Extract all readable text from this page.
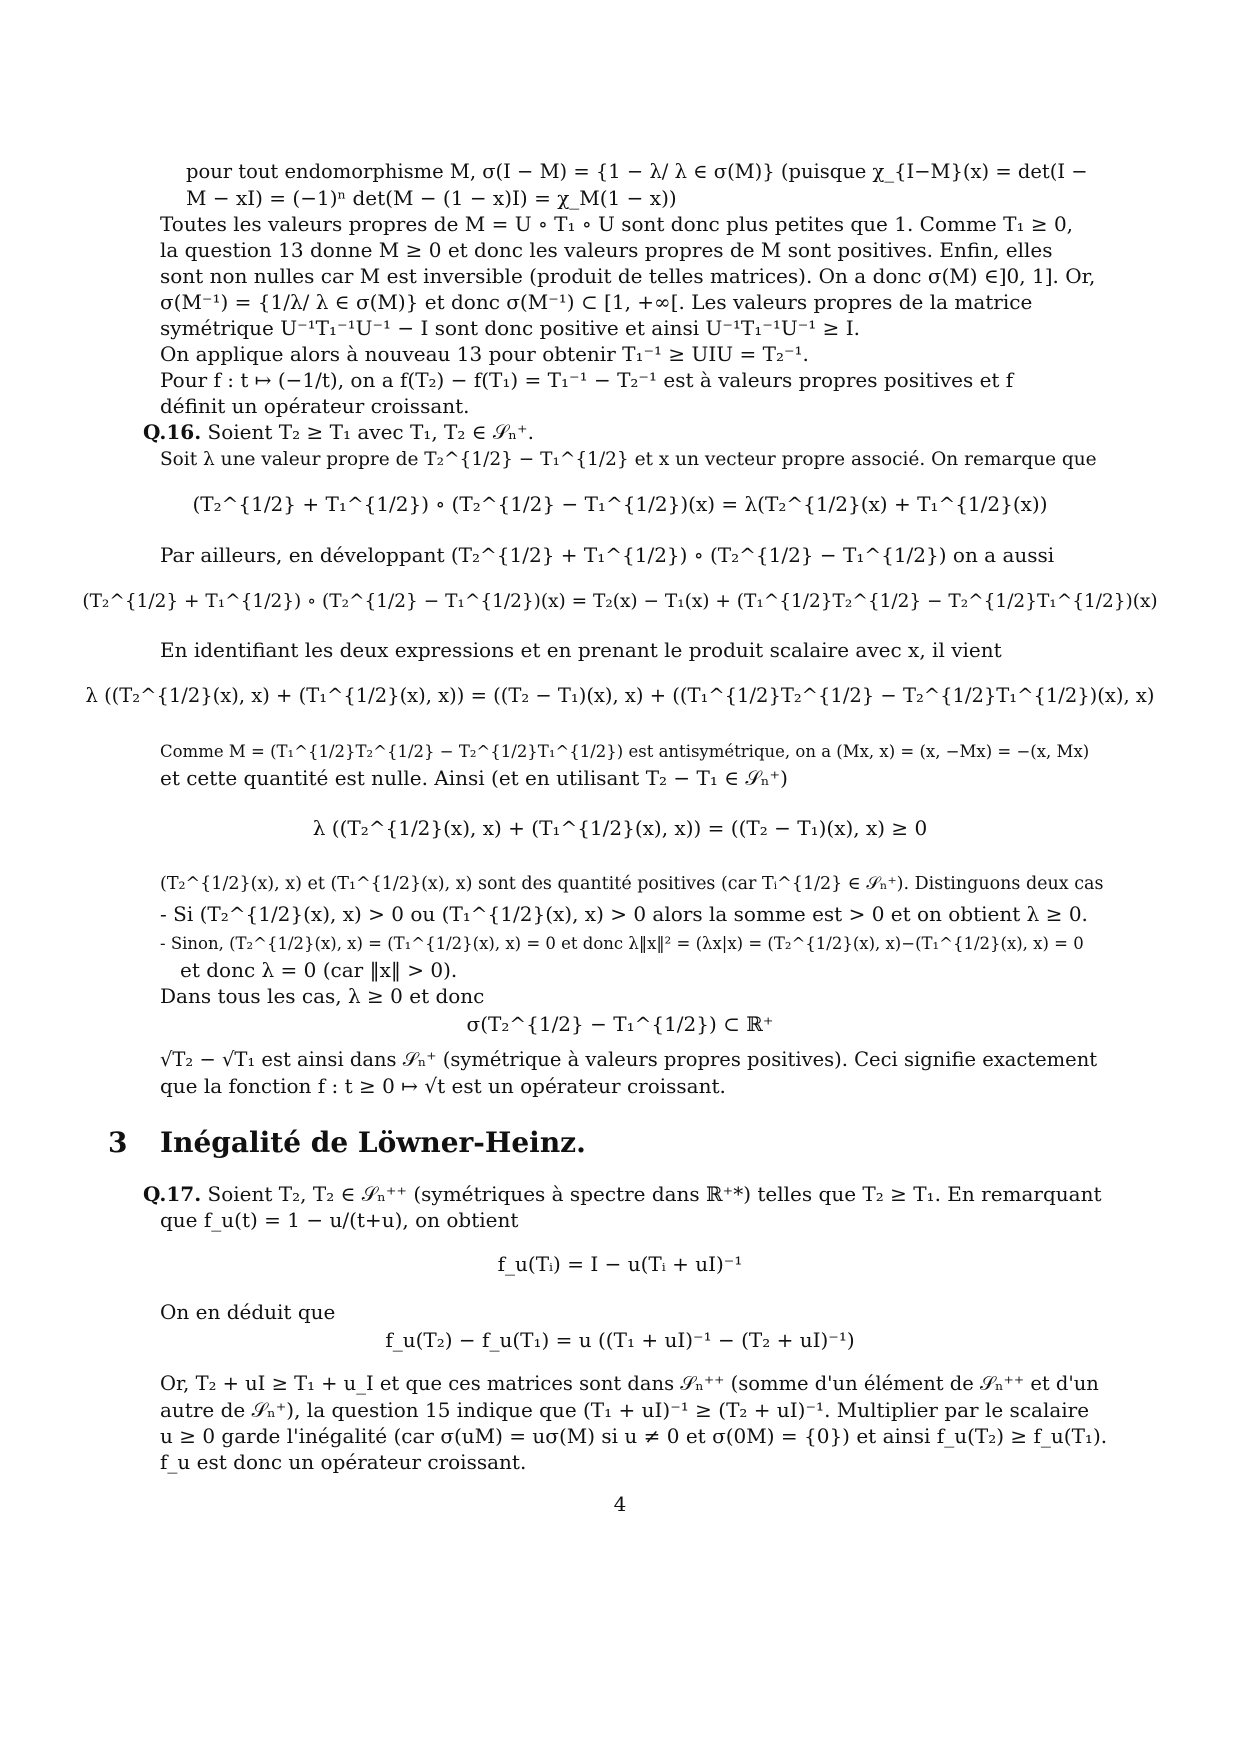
pour tout endomorphisme M, σ(I − M) = {1 − λ/ λ ∈ σ(M)} (puisque χ_{I−M}(x) = det(I −
M − xI) = (−1)ⁿ det(M − (1 − x)I) = χ_M(1 − x))
Toutes les valeurs propres de M = U ∘ T₁ ∘ U sont donc plus petites que 1. Comme T₁ ≥ 0,
la question 13 donne M ≥ 0 et donc les valeurs propres de M sont positives. Enfin, elles
sont non nulles car M est inversible (produit de telles matrices). On a donc σ(M) ∈]0, 1]. Or,
σ(M⁻¹) = {1/λ/ λ ∈ σ(M)} et donc σ(M⁻¹) ⊂ [1, +∞[. Les valeurs propres de la matrice
symétrique U⁻¹T₁⁻¹U⁻¹ − I sont donc positive et ainsi U⁻¹T₁⁻¹U⁻¹ ≥ I.
On applique alors à nouveau 13 pour obtenir T₁⁻¹ ≥ UIU = T₂⁻¹.
Pour f : t ↦ (−1/t), on a f(T₂) − f(T₁) = T₁⁻¹ − T₂⁻¹ est à valeurs propres positives et f
définit un opérateur croissant.
Q.16. Soient T₂ ≥ T₁ avec T₁, T₂ ∈ 𝒮ₙ⁺.
Soit λ une valeur propre de T₂^{1/2} − T₁^{1/2} et x un vecteur propre associé. On remarque que
(T₂^{1/2} + T₁^{1/2}) ∘ (T₂^{1/2} − T₁^{1/2})(x) = λ(T₂^{1/2}(x) + T₁^{1/2}(x))
Par ailleurs, en développant (T₂^{1/2} + T₁^{1/2}) ∘ (T₂^{1/2} − T₁^{1/2}) on a aussi
(T₂^{1/2} + T₁^{1/2}) ∘ (T₂^{1/2} − T₁^{1/2})(x) = T₂(x) − T₁(x) + (T₁^{1/2}T₂^{1/2} − T₂^{1/2}T₁^{1/2})(x)
En identifiant les deux expressions et en prenant le produit scalaire avec x, il vient
λ ((T₂^{1/2}(x), x) + (T₁^{1/2}(x), x)) = ((T₂ − T₁)(x), x) + ((T₁^{1/2}T₂^{1/2} − T₂^{1/2}T₁^{1/2})(x), x)
Comme M = (T₁^{1/2}T₂^{1/2} − T₂^{1/2}T₁^{1/2}) est antisymétrique, on a (Mx, x) = (x, −Mx) = −(x, Mx)
et cette quantité est nulle. Ainsi (et en utilisant T₂ − T₁ ∈ 𝒮ₙ⁺)
λ ((T₂^{1/2}(x), x) + (T₁^{1/2}(x), x)) = ((T₂ − T₁)(x), x) ≥ 0
(T₂^{1/2}(x), x) et (T₁^{1/2}(x), x) sont des quantité positives (car Tᵢ^{1/2} ∈ 𝒮ₙ⁺). Distinguons deux cas
- Si (T₂^{1/2}(x), x) > 0 ou (T₁^{1/2}(x), x) > 0 alors la somme est > 0 et on obtient λ ≥ 0.
- Sinon, (T₂^{1/2}(x), x) = (T₁^{1/2}(x), x) = 0 et donc λ‖x‖² = (λx|x) = (T₂^{1/2}(x), x)−(T₁^{1/2}(x), x) = 0
et donc λ = 0 (car ‖x‖ > 0).
Dans tous les cas, λ ≥ 0 et donc
σ(T₂^{1/2} − T₁^{1/2}) ⊂ ℝ⁺
√T₂ − √T₁ est ainsi dans 𝒮ₙ⁺ (symétrique à valeurs propres positives). Ceci signifie exactement
que la fonction f : t ≥ 0 ↦ √t est un opérateur croissant.
3 Inégalité de Löwner-Heinz.
Q.17. Soient T₂, T₂ ∈ 𝒮ₙ⁺⁺ (symétriques à spectre dans ℝ⁺*) telles que T₂ ≥ T₁. En remarquant
que f_u(t) = 1 − u/(t+u), on obtient
f_u(Tᵢ) = I − u(Tᵢ + uI)⁻¹
On en déduit que
f_u(T₂) − f_u(T₁) = u ((T₁ + uI)⁻¹ − (T₂ + uI)⁻¹)
Or, T₂ + uI ≥ T₁ + u_I et que ces matrices sont dans 𝒮ₙ⁺⁺ (somme d'un élément de 𝒮ₙ⁺⁺ et d'un
autre de 𝒮ₙ⁺), la question 15 indique que (T₁ + uI)⁻¹ ≥ (T₂ + uI)⁻¹. Multiplier par le scalaire
u ≥ 0 garde l'inégalité (car σ(uM) = uσ(M) si u ≠ 0 et σ(0M) = {0}) et ainsi f_u(T₂) ≥ f_u(T₁).
f_u est donc un opérateur croissant.
4
